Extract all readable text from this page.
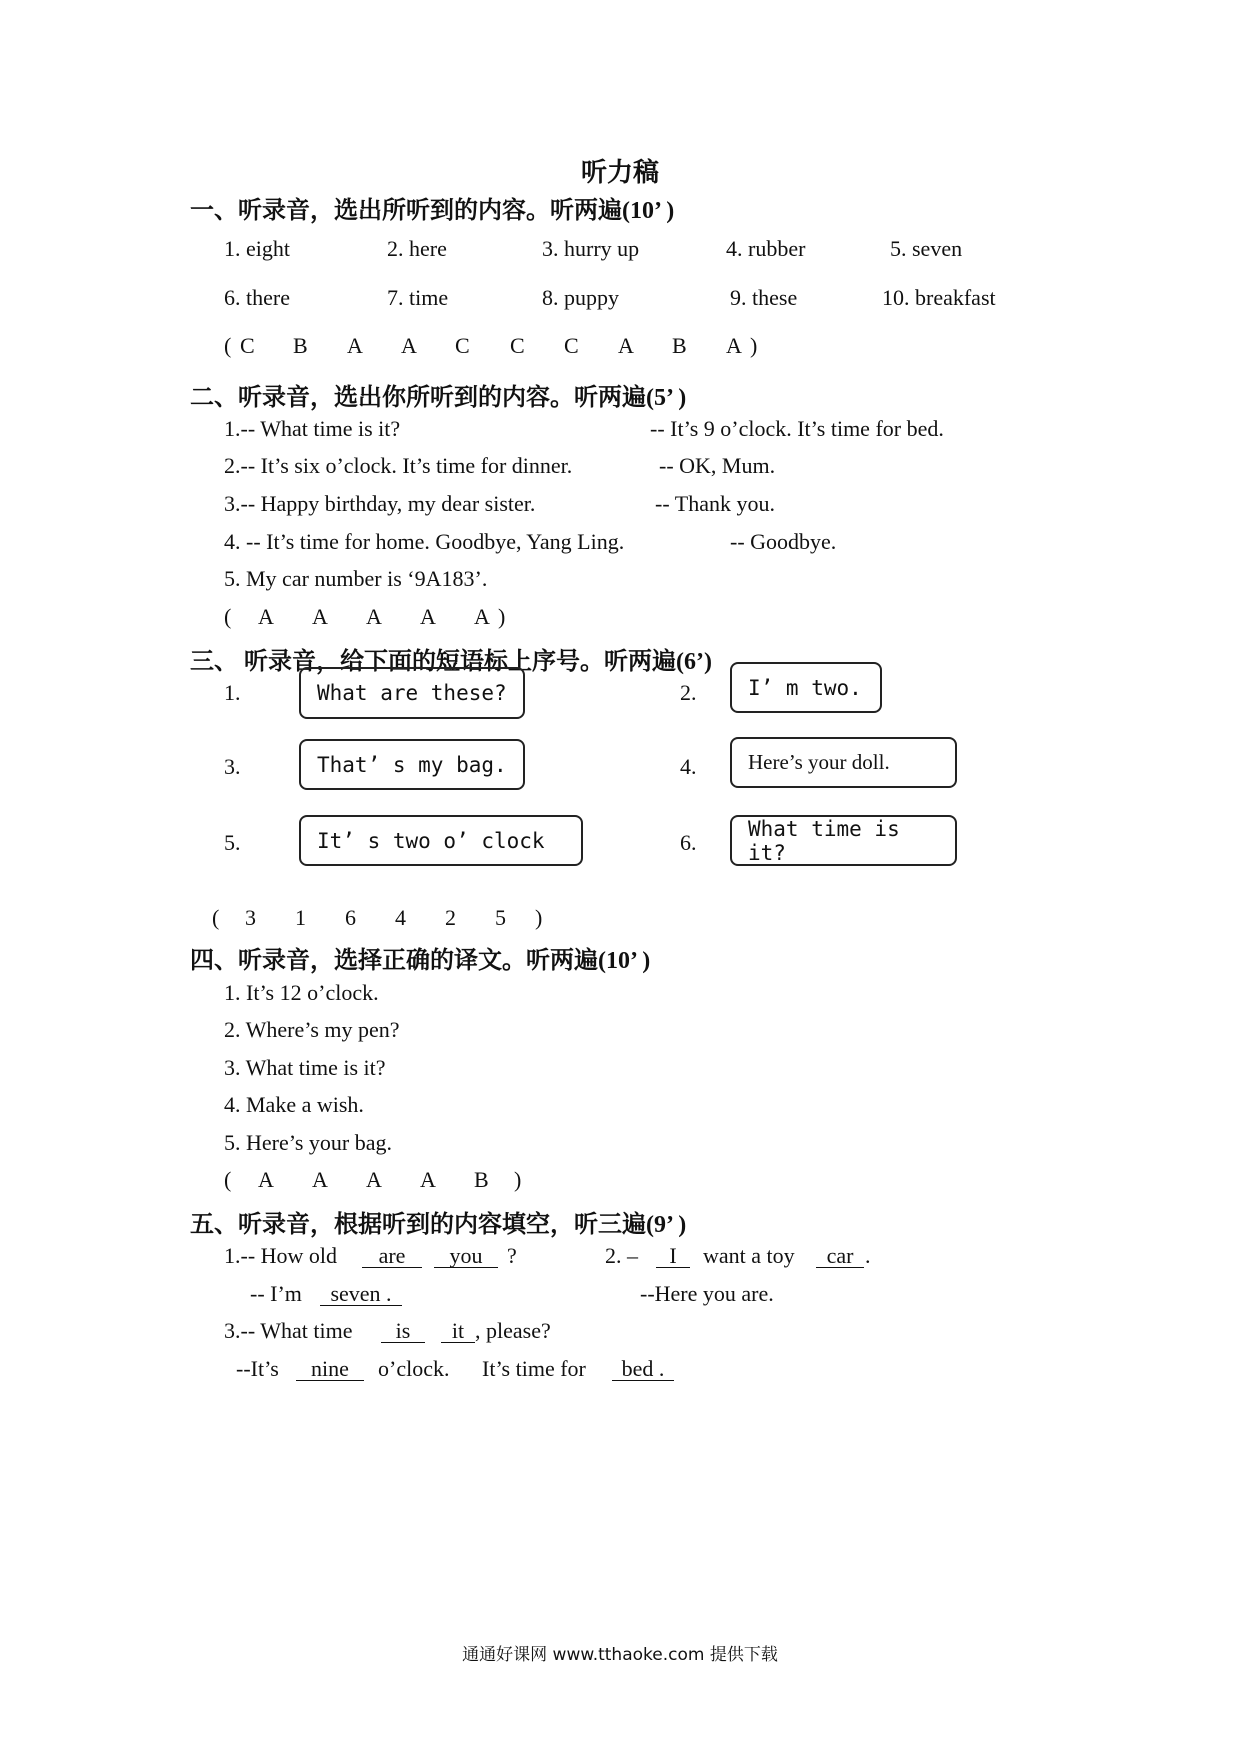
听力稿
一、听录音，选出所听到的内容。听两遍(10’ )
1. eight	2. here	3. hurry up	4. rubber	5. seven
6. there	7. time	8. puppy	9. these	10. breakfast
( C B A A C C C A B A )
二、听录音，选出你所听到的内容。听两遍(5’ )
1.-- What time is it?	-- It’s 9 o’clock. It’s time for bed.
2.-- It’s six o’clock. It’s time for dinner.	-- OK, Mum.
3.-- Happy birthday, my dear sister.	-- Thank you.
4. -- It’s time for home. Goodbye, Yang Ling.	-- Goodbye.
5. My car number is ‘9A183’.
( A A A A A )
三、 听录音，给下面的短语标上序号。听两遍(6’)
1.	What are these?	2. I’ m two.
3.	That’ s my bag.	4. Here’s your doll.
5.	It’ s two o’ clock	6.
What time is it?
( 3 1 6 4 2 5 )
四、听录音，选择正确的译文。听两遍(10’ )
1. It’s 12 o’clock.
2. Where’s my pen?
3. What time is it?
4. Make a wish.
5. Here’s your bag.
( A A A A B )
五、听录音，根据听到的内容填空，听三遍(9’ )
1.-- How old	are	you	?	2. –	I	want a toy	car .
-- I’m	seven .	--Here you are.
3.-- What time	is	it , please?
--It’s	nine	o’clock. It’s time for	bed .
通通好课网 www.tthaoke.com 提供下载
